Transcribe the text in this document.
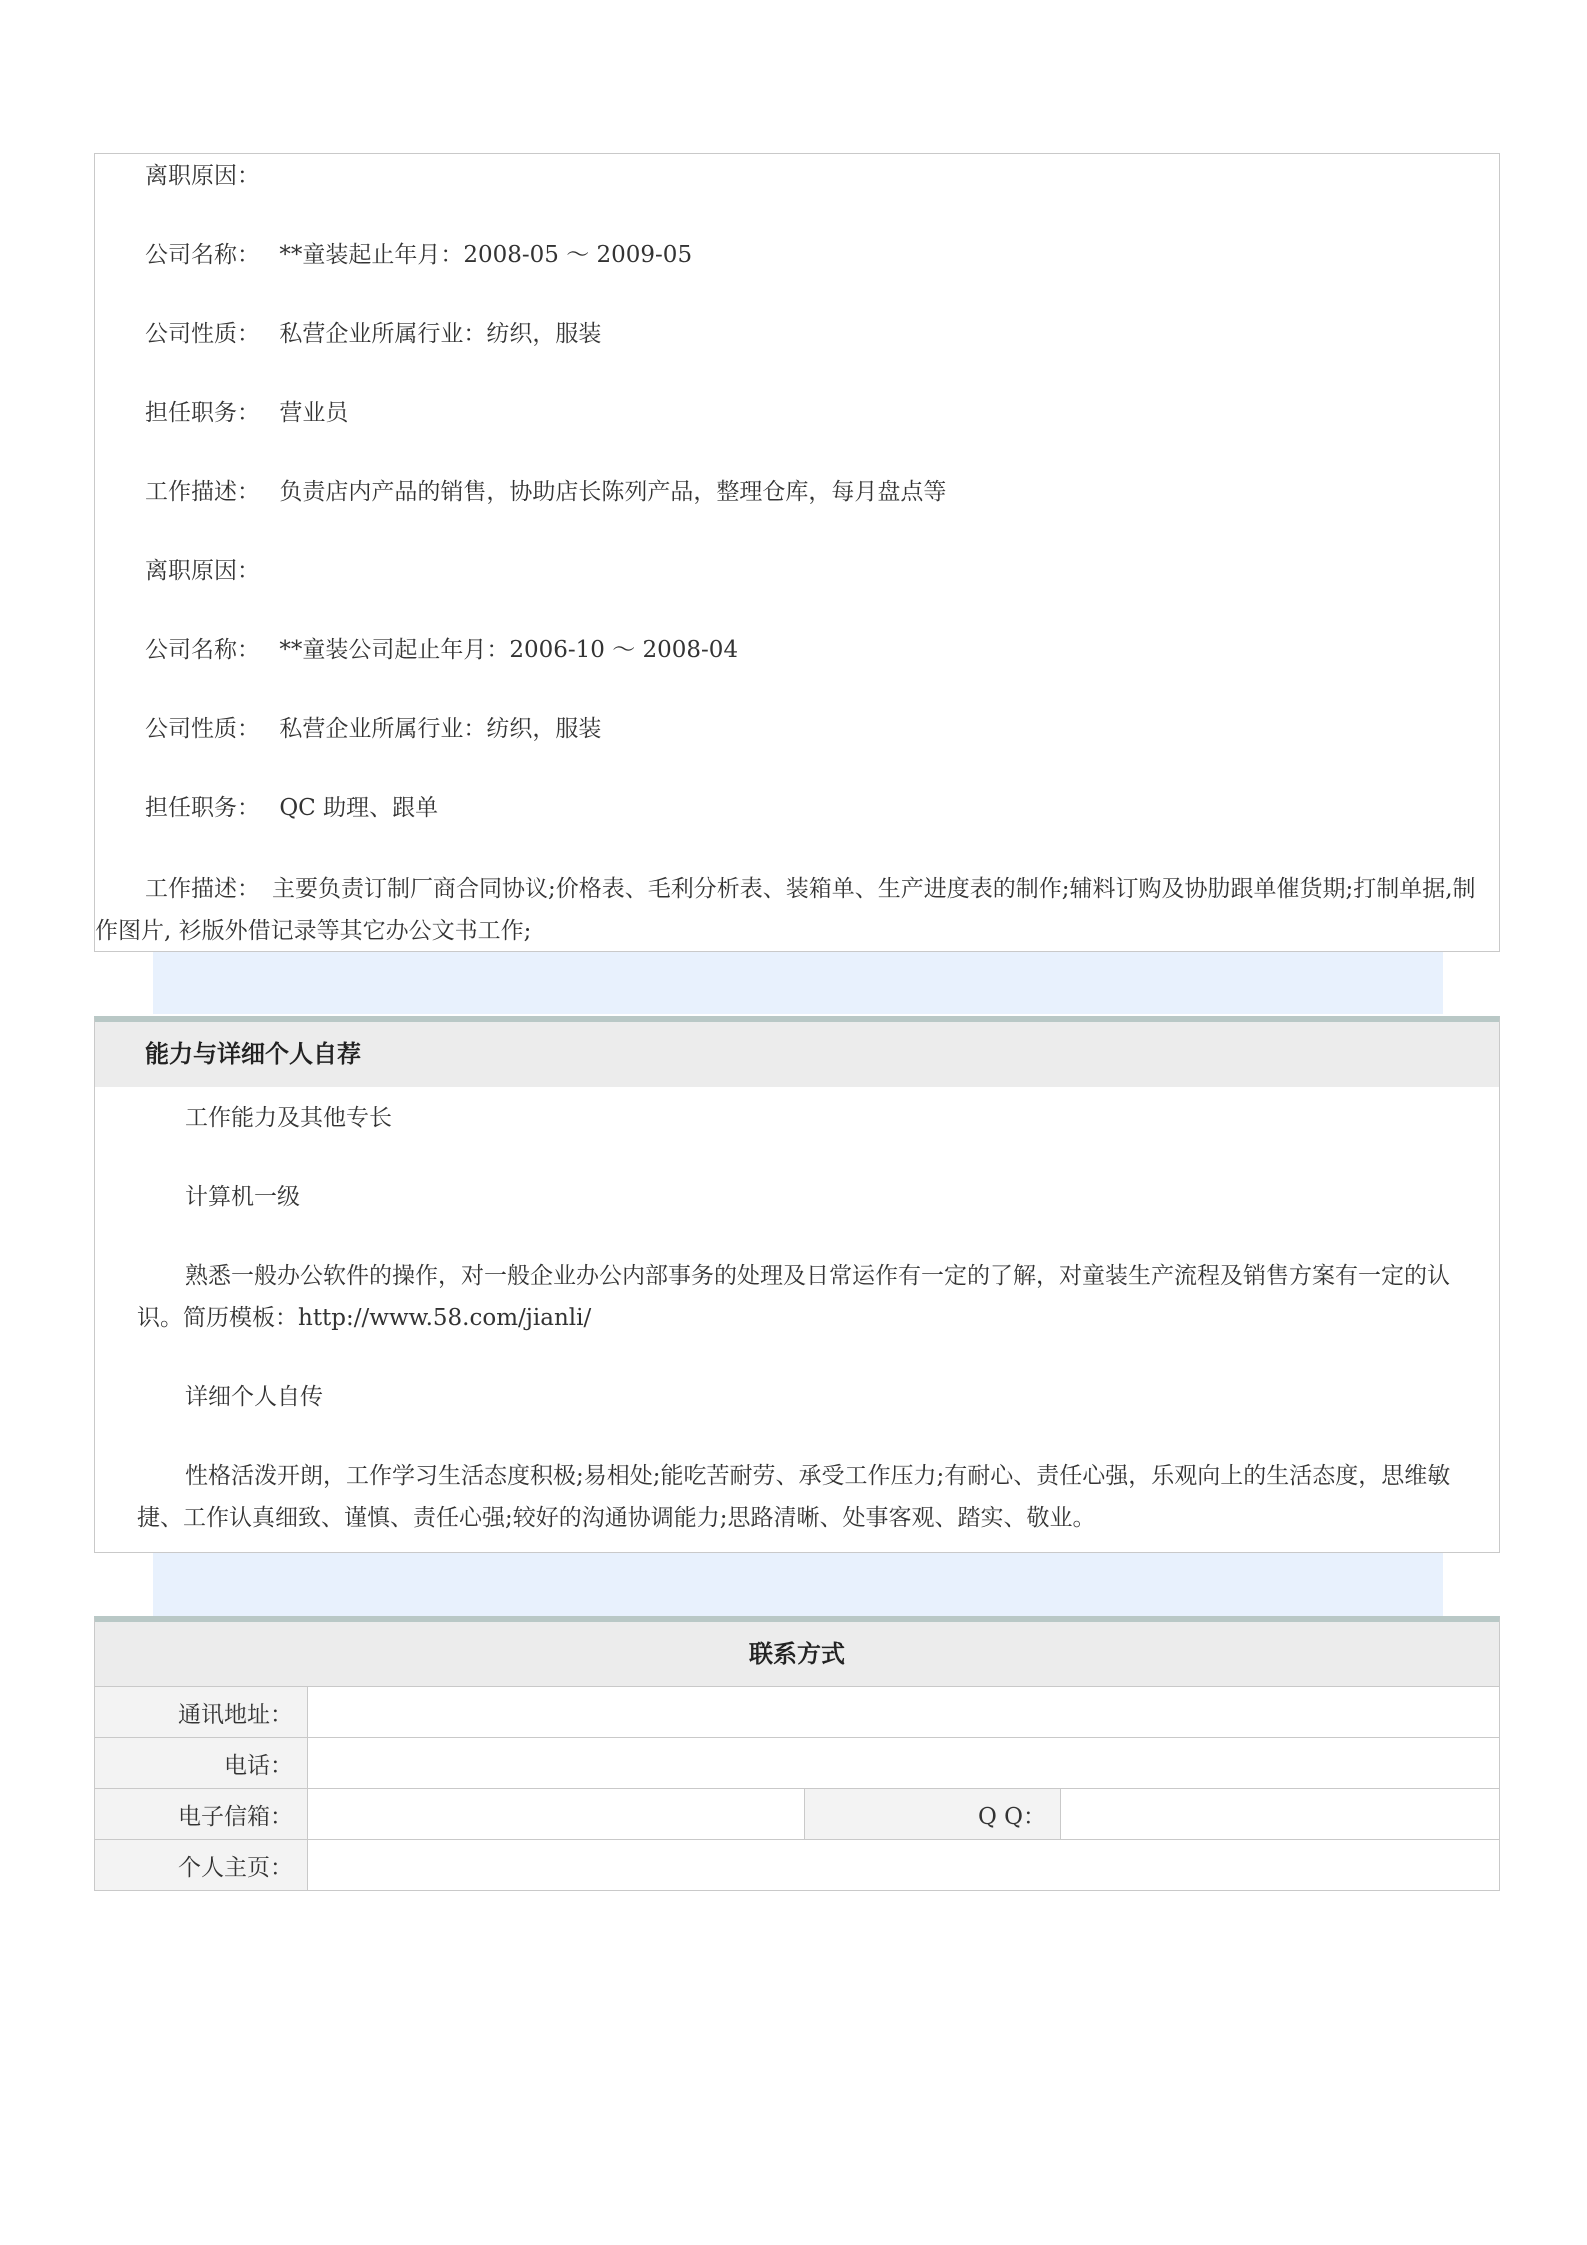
离职原因：
公司名称： **童装起止年月：2008-05 ～ 2009-05
公司性质： 私营企业所属行业：纺织，服装
担任职务： 营业员
工作描述： 负责店内产品的销售，协助店长陈列产品，整理仓库，每月盘点等
离职原因：
公司名称： **童装公司起止年月：2006-10 ～ 2008-04
公司性质： 私营企业所属行业：纺织，服装
担任职务： QC 助理、跟单
工作描述： 主要负责订制厂商合同协议;价格表、毛利分析表、装箱单、生产进度表的制作;辅料订购及协肋跟单催货期;打制单据,制作图片, 衫版外借记录等其它办公文书工作;
能力与详细个人自荐
工作能力及其他专长
计算机一级
熟悉一般办公软件的操作，对一般企业办公内部事务的处理及日常运作有一定的了解，对童装生产流程及销售方案有一定的认识。简历模板：http://www.58.com/jianli/
详细个人自传
性格活泼开朗，工作学习生活态度积极;易相处;能吃苦耐劳、承受工作压力;有耐心、责任心强，乐观向上的生活态度，思维敏捷、工作认真细致、谨慎、责任心强;较好的沟通协调能力;思路清晰、处事客观、踏实、敬业。
联系方式
通讯地址：			
电话：			
电子信箱：		Q Q：	
个人主页：			
